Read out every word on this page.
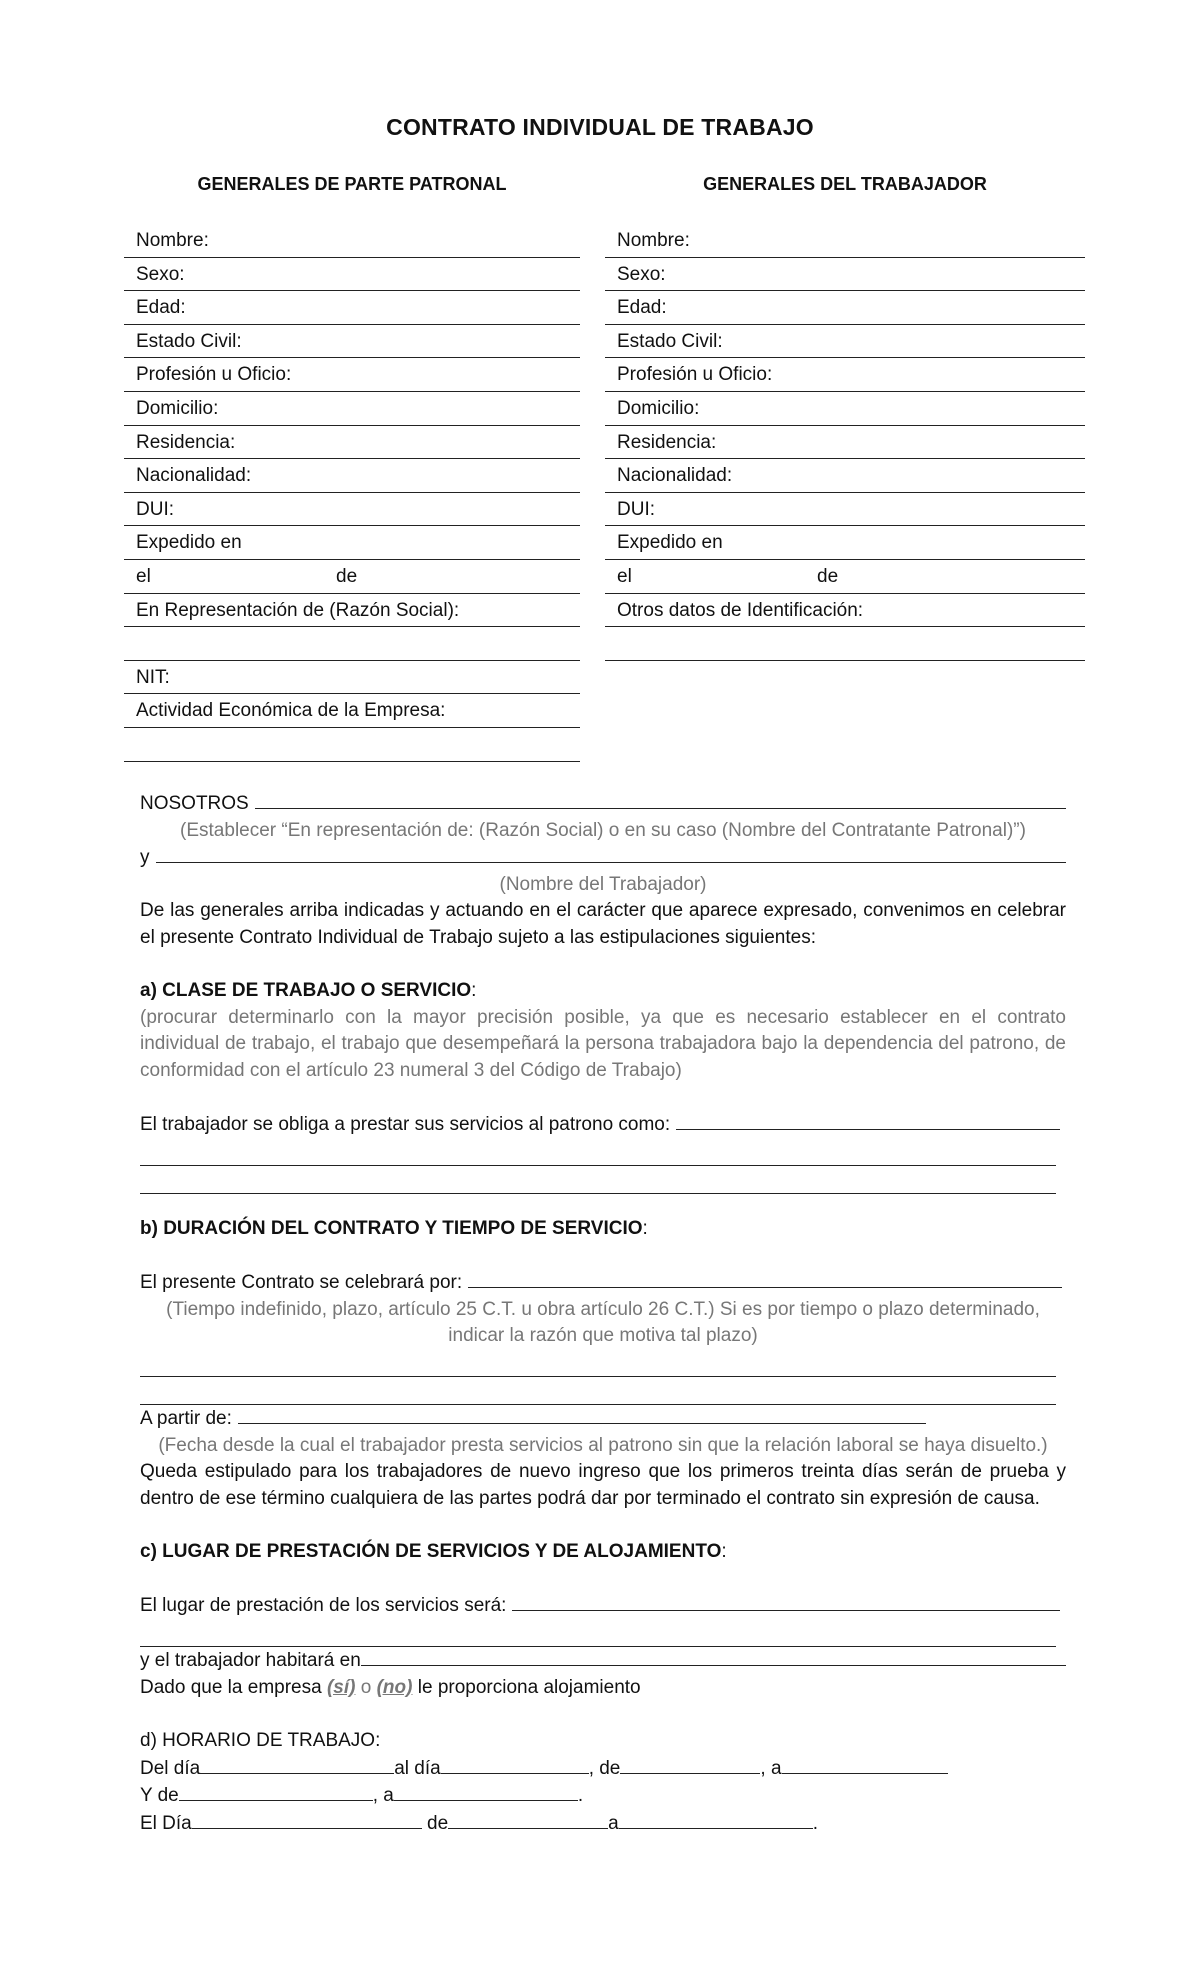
CONTRATO INDIVIDUAL DE TRABAJO
GENERALES DE PARTE PATRONAL	GENERALES DEL TRABAJADOR
Nombre:
Sexo:
Edad:
Estado Civil:
Profesión u Oficio:
Domicilio:
Residencia:
Nacionalidad:
DUI:
Expedido en
el	de
En Representación de (Razón Social):
NIT:
Actividad Económica de la Empresa:
Nombre:
Sexo:
Edad:
Estado Civil:
Profesión u Oficio:
Domicilio:
Residencia:
Nacionalidad:
DUI:
Expedido en
el	de
Otros datos de Identificación:
NOSOTROS

(Establecer “En representación de: (Razón Social) o en su caso (Nombre del Contratante Patronal)”)

y

(Nombre del Trabajador)

De las generales arriba indicadas y actuando en el carácter que aparece expresado, convenimos en celebrar el presente Contrato Individual de Trabajo sujeto a las estipulaciones siguientes:

a) CLASE DE TRABAJO O SERVICIO:

(procurar determinarlo con la mayor precisión posible, ya que es necesario establecer en el contrato individual de trabajo, el trabajo que desempeñará la persona trabajadora bajo la dependencia del patrono, de conformidad con el artículo 23 numeral 3 del Código de Trabajo)

El trabajador se obliga a prestar sus servicios al patrono como:

b) DURACIÓN DEL CONTRATO Y TIEMPO DE SERVICIO:

El presente Contrato se celebrará por:

(Tiempo indefinido, plazo, artículo 25 C.T. u obra artículo 26 C.T.) Si es por tiempo o plazo determinado, indicar la razón que motiva tal plazo)

A partir de:

(Fecha desde la cual el trabajador presta servicios al patrono sin que la relación laboral se haya disuelto.)

Queda estipulado para los trabajadores de nuevo ingreso que los primeros treinta días serán de prueba y dentro de ese término cualquiera de las partes podrá dar por terminado el contrato sin expresión de causa.

c) LUGAR DE PRESTACIÓN DE SERVICIOS Y DE ALOJAMIENTO:

El lugar de prestación de los servicios será:
y el trabajador habitará en

Dado que la empresa (sí) o (no) le proporciona alojamiento

d) HORARIO DE TRABAJO:

Del día	al día	, de	, a

Y de	, a	.

El Día	de	a	.
